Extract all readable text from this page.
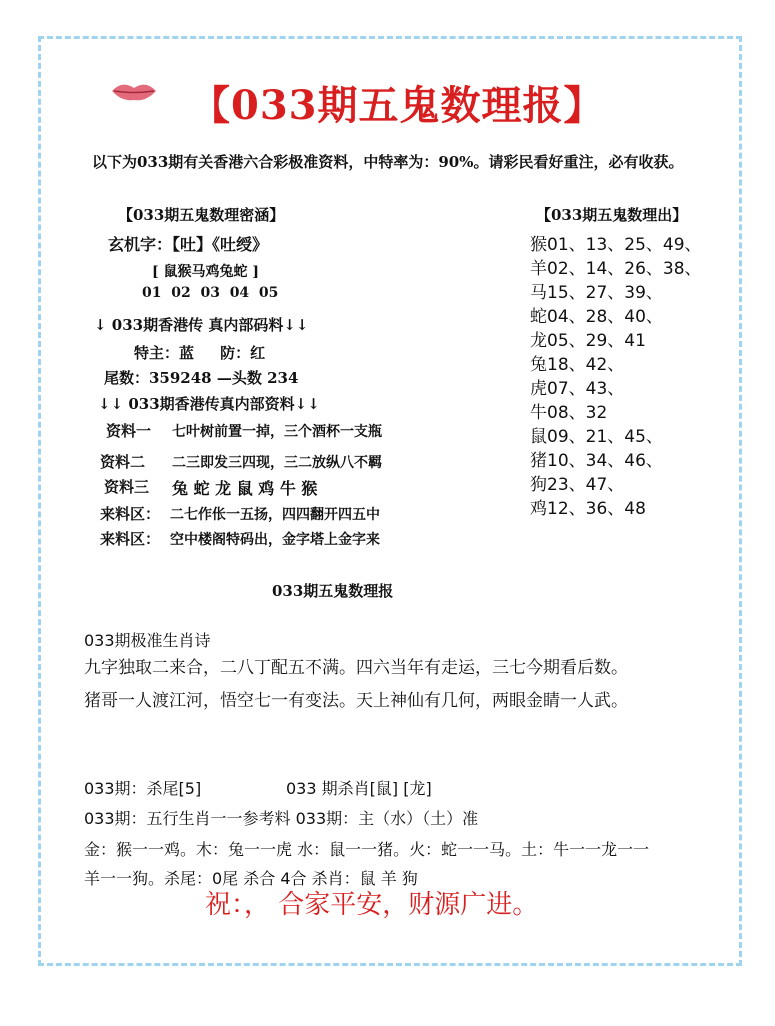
【033期五鬼数理报】
以下为033期有关香港六合彩极准资料，中特率为：90%。请彩民看好重注，必有收获。
【033期五鬼数理密涵】
玄机字：【吐】《吐绶》
[ 鼠猴马鸡兔蛇 ]
01  02  03  04  05
↓ 033期香港传 真内部码料↓↓
特主：蓝     防：红
尾数：359248 —头数 234
↓↓ 033期香港传真内部资料↓↓
资料一 七叶树前置一掉，三个酒杯一支瓶
资料二 二三即发三四现，三二放纵八不羁
资料三 兔 蛇 龙 鼠 鸡 牛 猴
来料区： 二七作伥一五扬，四四翻开四五中
来料区： 空中楼阁特码出，金字塔上金字来
【033期五鬼数理出】
猴01、13、25、49、
羊02、14、26、38、
马15、27、39、
蛇04、28、40、
龙05、29、41
兔18、42、
虎07、43、
牛08、32
鼠09、21、45、
猪10、34、46、
狗23、47、
鸡12、36、48
033期五鬼数理报
033期极准生肖诗
九字独取二来合，二八丁配五不满。四六当年有走运，三七今期看后数。
猪哥一人渡江河，悟空七一有变法。天上神仙有几何，两眼金睛一人武。
033期：杀尾[5]	033 期杀肖[鼠] [龙]
033期：五行生肖一一参考料 033期：主（水）（土）准
金：猴一一鸡。木：兔一一虎 水：鼠一一猪。火：蛇一一马。土：牛一一龙一一
羊一一狗。杀尾：0尾 杀合 4合 杀肖：鼠 羊 狗
祝：， 合家平安，财源广进。
